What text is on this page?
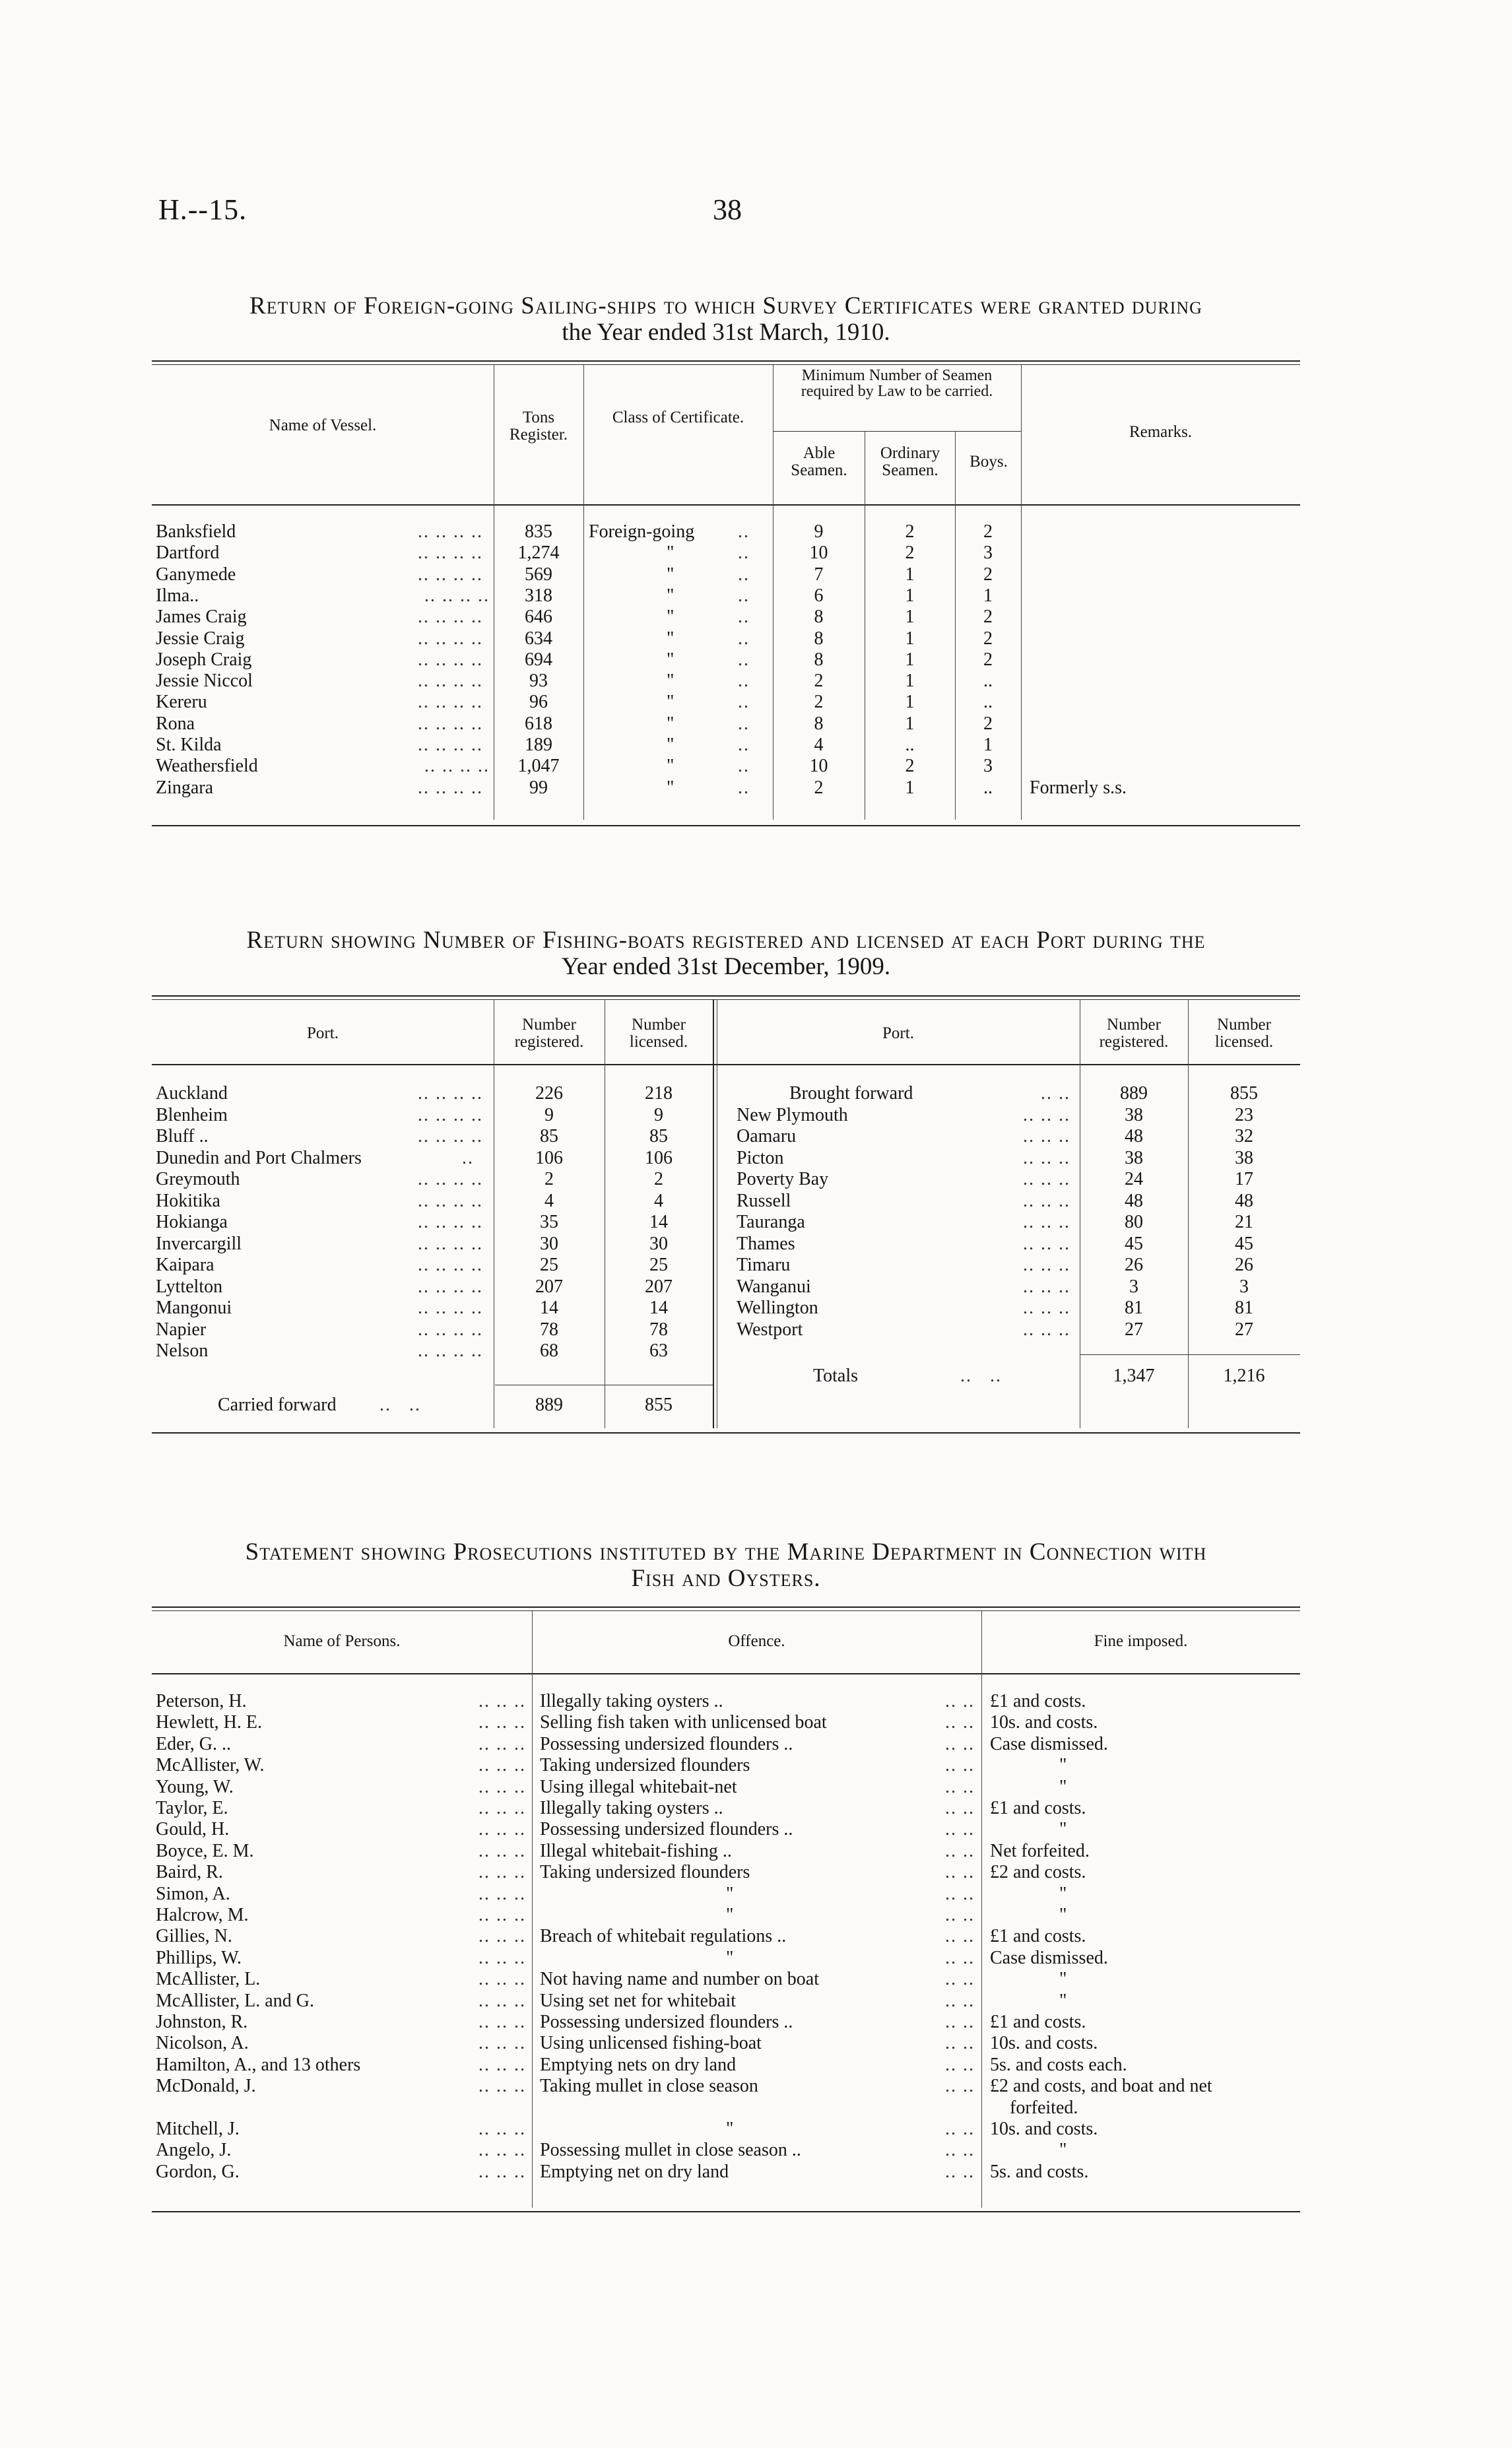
H.--15.	38
Return of Foreign-going Sailing-ships to which Survey Certificates were granted during
the Year ended 31st March, 1910.
Name of Vessel.	Tons Register.
Class of Certificate.
Minimum Number of Seamen required by Law to be carried.
Able Seamen.
Ordinary Seamen.	Boys.
Remarks.
Banksfield	.. .. .. ..	835	Foreign-going ..	9	2	2
Dartford	.. .. .. ..	1,274	"	..	10	2	3
Ganymede	.. .. .. ..	569	"	..	7	1	2
Ilma..	.. .. .. ..	318	"	..	6	1	1
James Craig	.. .. .. ..	646	"	..	8	1	2
Jessie Craig	.. .. .. ..	634	"	..	8	1	2
Joseph Craig	.. .. .. ..	694	"	..	8	1	2
Jessie Niccol	.. .. .. ..	93	"	..	2	1	..
Kereru	.. .. .. ..	96	"	..	2	1	..
Rona	.. .. .. ..	618	"	..	8	1	2
St. Kilda	.. .. .. ..	189	"	..	4	..	1
Weathersfield	.. .. .. ..	1,047	"	..	10	2	3
Zingara	.. .. .. ..	99	"	..	2	1	..	Formerly s.s.
Return showing Number of Fishing-boats registered and licensed at each Port during the
Year ended 31st December, 1909.
Port.	Number registered.
Number licensed.	Port.	Number registered.
Number licensed.
Auckland	.. .. .. ..	226	218
Blenheim	.. .. .. ..	9	9
Bluff ..	.. .. .. ..	85	85
Dunedin and Port Chalmers	..	106	106
Greymouth	.. .. .. ..	2	2
Hokitika	.. .. .. ..	4	4
Hokianga	.. .. .. ..	35	14
Invercargill	.. .. .. ..	30	30
Kaipara	.. .. .. ..	25	25
Lyttelton	.. .. .. ..	207	207
Mangonui	.. .. .. ..	14	14
Napier	.. .. .. ..	78	78
Nelson	.. .. .. ..	68	63
Brought forward	.. ..	889	855
New Plymouth	.. .. ..	38	23
Oamaru	.. .. ..	48	32
Picton	.. .. ..	38	38
Poverty Bay	.. .. ..	24	17
Russell	.. .. ..	48	48
Tauranga	.. .. ..	80	21
Thames	.. .. ..	45	45
Timaru	.. .. ..	26	26
Wanganui	.. .. ..	3	3
Wellington	.. .. ..	81	81
Westport	.. .. ..	27	27
Carried forward ..   ..	889	855
Totals	..   ..	1,347	1,216
Statement showing Prosecutions instituted by the Marine Department in Connection with
Fish and Oysters.
Name of Persons.	Offence.	Fine imposed.
Peterson, H.	.. .. .. Illegally taking oysters ..	.. .. £1 and costs.
Hewlett, H. E.	.. .. .. Selling fish taken with unlicensed boat	.. .. 10s. and costs.
Eder, G. ..	.. .. .. Possessing undersized flounders ..	.. .. Case dismissed.
McAllister, W.	.. .. .. Taking undersized flounders	.. ..	"
Young, W.	.. .. .. Using illegal whitebait-net	.. ..	"
Taylor, E.	.. .. .. Illegally taking oysters ..	.. .. £1 and costs.
Gould, H.	.. .. .. Possessing undersized flounders ..	.. ..	"
Boyce, E. M.	.. .. .. Illegal whitebait-fishing ..	.. .. Net forfeited.
Baird, R.	.. .. .. Taking undersized flounders	.. .. £2 and costs.
Simon, A.	.. .. ..	"	.. ..	"
Halcrow, M.	.. .. ..	"	.. ..	"
Gillies, N.	.. .. .. Breach of whitebait regulations ..	.. .. £1 and costs.
Phillips, W.	.. .. ..	"	.. .. Case dismissed.
McAllister, L.	.. .. .. Not having name and number on boat	.. ..	"
McAllister, L. and G.	.. .. .. Using set net for whitebait	.. ..	"
Johnston, R.	.. .. .. Possessing undersized flounders ..	.. .. £1 and costs.
Nicolson, A.	.. .. .. Using unlicensed fishing-boat	.. .. 10s. and costs.
Hamilton, A., and 13 others	.. .. .. Emptying nets on dry land	.. .. 5s. and costs each.
McDonald, J.	.. .. .. Taking mullet in close season	.. .. £2 and costs, and boat and net
forfeited.
Mitchell, J.	.. .. ..	"	.. .. 10s. and costs.
Angelo, J.	.. .. .. Possessing mullet in close season ..	.. ..	"
Gordon, G.	.. .. .. Emptying net on dry land	.. .. 5s. and costs.
